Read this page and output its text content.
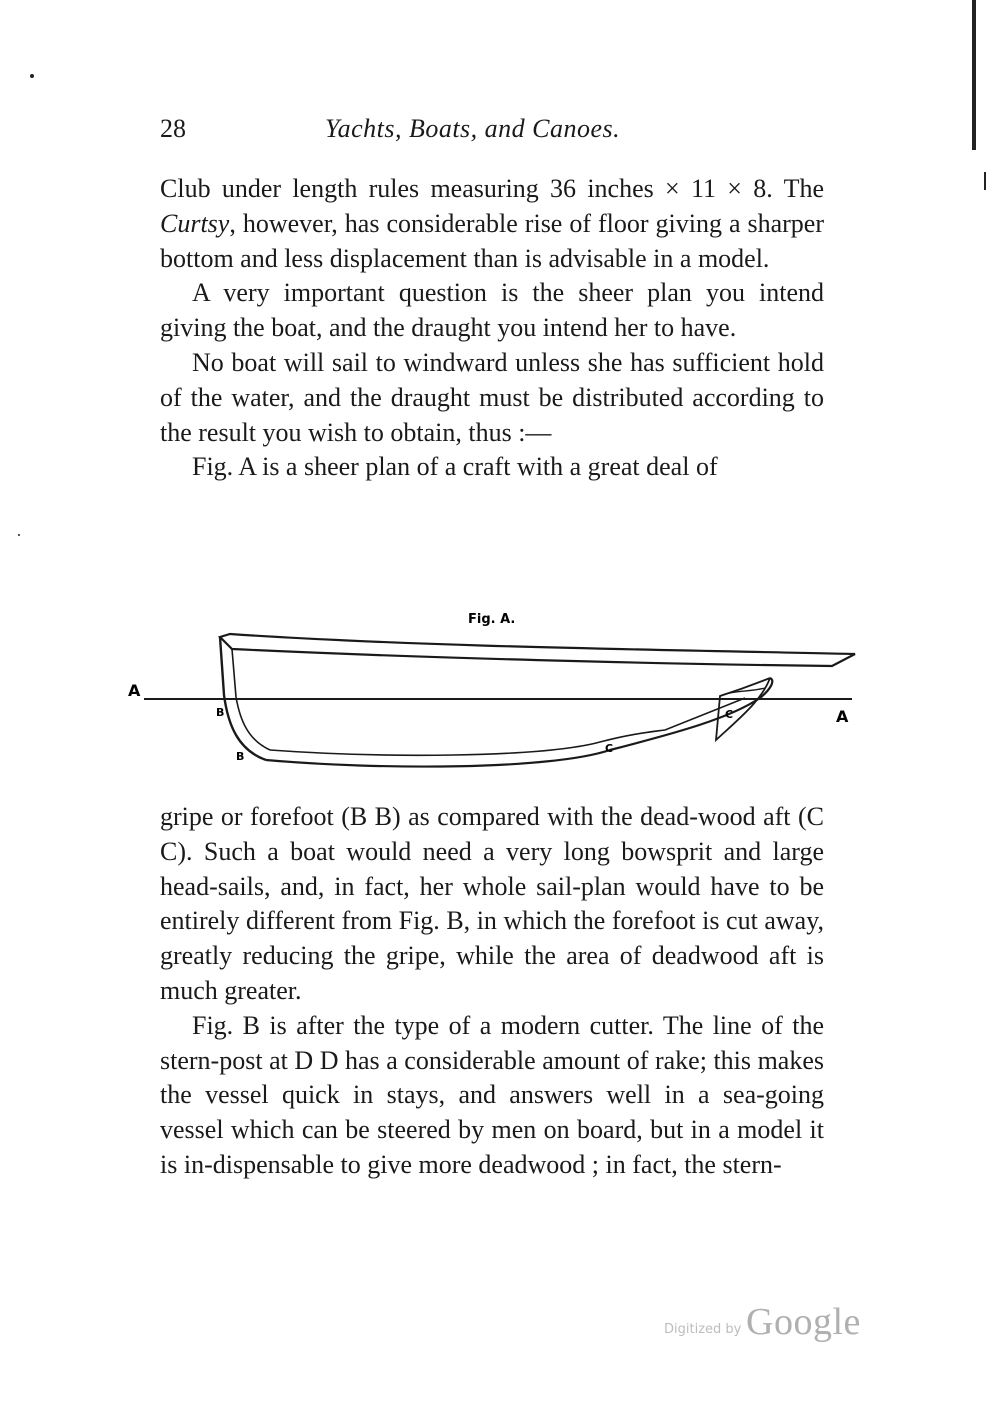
28	Yachts, Boats, and Canoes.

Club under length rules measuring 36 inches × 11 × 8. The Curtsy, however, has considerable rise of floor giving a sharper bottom and less displacement than is advisable in a model.

A very important question is the sheer plan you intend giving the boat, and the draught you intend her to have.

No boat will sail to windward unless she has sufficient hold of the water, and the draught must be distributed according to the result you wish to obtain, thus :—

Fig. A is a sheer plan of a craft with a great deal of

Fig. A.
A
A
B
B
C
C

gripe or forefoot (B B) as compared with the dead-wood aft (C C). Such a boat would need a very long bowsprit and large head-sails, and, in fact, her whole sail-plan would have to be entirely different from Fig. B, in which the forefoot is cut away, greatly reducing the gripe, while the area of deadwood aft is much greater.

Fig. B is after the type of a modern cutter. The line of the stern-post at D D has a considerable amount of rake; this makes the vessel quick in stays, and answers well in a sea-going vessel which can be steered by men on board, but in a model it is in-dispensable to give more deadwood ; in fact, the stern-

Digitized by Google
